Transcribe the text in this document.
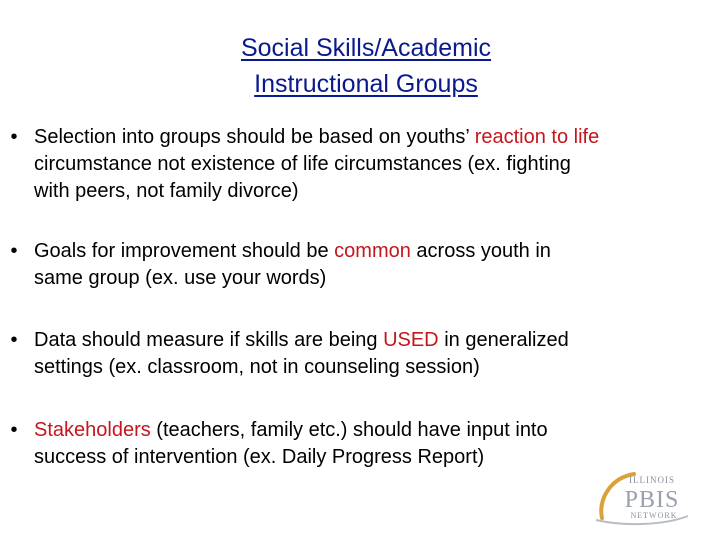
Social Skills/Academic
Instructional Groups
• Selection into groups should be based on youths’ reaction to life
circumstance not existence of life circumstances (ex. fighting
with peers, not family divorce)
• Goals for improvement should be common across youth in
same group (ex. use your words)
• Data should measure if skills are being USED in generalized
settings (ex. classroom, not in counseling session)
• Stakeholders (teachers, family etc.) should have input into
success of intervention (ex. Daily Progress Report)
ILLINOIS
PBIS
NETWORK
